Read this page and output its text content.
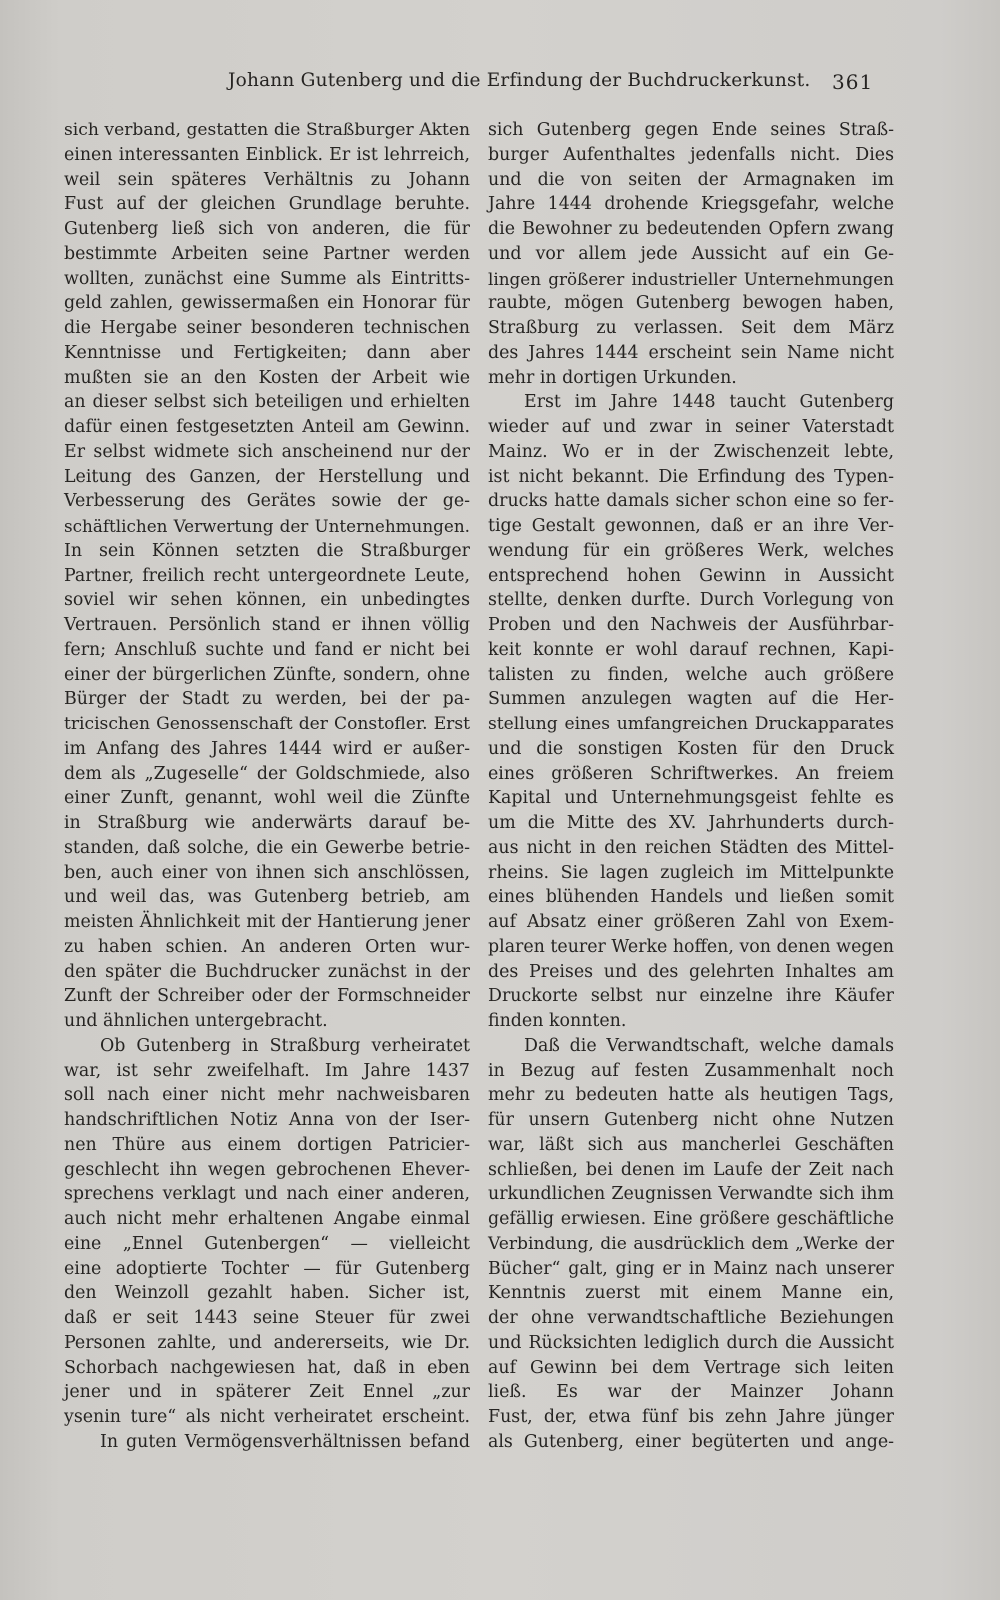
Johann Gutenberg und die Erfindung der Buchdruckerkunst. 361
sich verband, gestatten die Straßburger Akten
einen interessanten Einblick. Er ist lehrreich,
weil sein späteres Verhältnis zu Johann
Fust auf der gleichen Grundlage beruhte.
Gutenberg ließ sich von anderen, die für
bestimmte Arbeiten seine Partner werden
wollten, zunächst eine Summe als Eintritts-
geld zahlen, gewissermaßen ein Honorar für
die Hergabe seiner besonderen technischen
Kenntnisse und Fertigkeiten; dann aber
mußten sie an den Kosten der Arbeit wie
an dieser selbst sich beteiligen und erhielten
dafür einen festgesetzten Anteil am Gewinn.
Er selbst widmete sich anscheinend nur der
Leitung des Ganzen, der Herstellung und
Verbesserung des Gerätes sowie der ge-
schäftlichen Verwertung der Unternehmungen.
In sein Können setzten die Straßburger
Partner, freilich recht untergeordnete Leute,
soviel wir sehen können, ein unbedingtes
Vertrauen. Persönlich stand er ihnen völlig
fern; Anschluß suchte und fand er nicht bei
einer der bürgerlichen Zünfte, sondern, ohne
Bürger der Stadt zu werden, bei der pa-
tricischen Genossenschaft der Constofler. Erst
im Anfang des Jahres 1444 wird er außer-
dem als „Zugeselle“ der Goldschmiede, also
einer Zunft, genannt, wohl weil die Zünfte
in Straßburg wie anderwärts darauf be-
standen, daß solche, die ein Gewerbe betrie-
ben, auch einer von ihnen sich anschlössen,
und weil das, was Gutenberg betrieb, am
meisten Ähnlichkeit mit der Hantierung jener
zu haben schien. An anderen Orten wur-
den später die Buchdrucker zunächst in der
Zunft der Schreiber oder der Formschneider
und ähnlichen untergebracht.
Ob Gutenberg in Straßburg verheiratet
war, ist sehr zweifelhaft. Im Jahre 1437
soll nach einer nicht mehr nachweisbaren
handschriftlichen Notiz Anna von der Iser-
nen Thüre aus einem dortigen Patricier-
geschlecht ihn wegen gebrochenen Ehever-
sprechens verklagt und nach einer anderen,
auch nicht mehr erhaltenen Angabe einmal
eine „Ennel Gutenbergen“ — vielleicht
eine adoptierte Tochter — für Gutenberg
den Weinzoll gezahlt haben. Sicher ist,
daß er seit 1443 seine Steuer für zwei
Personen zahlte, und andererseits, wie Dr.
Schorbach nachgewiesen hat, daß in eben
jener und in späterer Zeit Ennel „zur
ysenin ture“ als nicht verheiratet erscheint.
In guten Vermögensverhältnissen befand
sich Gutenberg gegen Ende seines Straß-
burger Aufenthaltes jedenfalls nicht. Dies
und die von seiten der Armagnaken im
Jahre 1444 drohende Kriegsgefahr, welche
die Bewohner zu bedeutenden Opfern zwang
und vor allem jede Aussicht auf ein Ge-
lingen größerer industrieller Unternehmungen
raubte, mögen Gutenberg bewogen haben,
Straßburg zu verlassen. Seit dem März
des Jahres 1444 erscheint sein Name nicht
mehr in dortigen Urkunden.
Erst im Jahre 1448 taucht Gutenberg
wieder auf und zwar in seiner Vaterstadt
Mainz. Wo er in der Zwischenzeit lebte,
ist nicht bekannt. Die Erfindung des Typen-
drucks hatte damals sicher schon eine so fer-
tige Gestalt gewonnen, daß er an ihre Ver-
wendung für ein größeres Werk, welches
entsprechend hohen Gewinn in Aussicht
stellte, denken durfte. Durch Vorlegung von
Proben und den Nachweis der Ausführbar-
keit konnte er wohl darauf rechnen, Kapi-
talisten zu finden, welche auch größere
Summen anzulegen wagten auf die Her-
stellung eines umfangreichen Druckapparates
und die sonstigen Kosten für den Druck
eines größeren Schriftwerkes. An freiem
Kapital und Unternehmungsgeist fehlte es
um die Mitte des XV. Jahrhunderts durch-
aus nicht in den reichen Städten des Mittel-
rheins. Sie lagen zugleich im Mittelpunkte
eines blühenden Handels und ließen somit
auf Absatz einer größeren Zahl von Exem-
plaren teurer Werke hoffen, von denen wegen
des Preises und des gelehrten Inhaltes am
Druckorte selbst nur einzelne ihre Käufer
finden konnten.
Daß die Verwandtschaft, welche damals
in Bezug auf festen Zusammenhalt noch
mehr zu bedeuten hatte als heutigen Tags,
für unsern Gutenberg nicht ohne Nutzen
war, läßt sich aus mancherlei Geschäften
schließen, bei denen im Laufe der Zeit nach
urkundlichen Zeugnissen Verwandte sich ihm
gefällig erwiesen. Eine größere geschäftliche
Verbindung, die ausdrücklich dem „Werke der
Bücher“ galt, ging er in Mainz nach unserer
Kenntnis zuerst mit einem Manne ein,
der ohne verwandtschaftliche Beziehungen
und Rücksichten lediglich durch die Aussicht
auf Gewinn bei dem Vertrage sich leiten
ließ. Es war der Mainzer Johann
Fust, der, etwa fünf bis zehn Jahre jünger
als Gutenberg, einer begüterten und ange-
